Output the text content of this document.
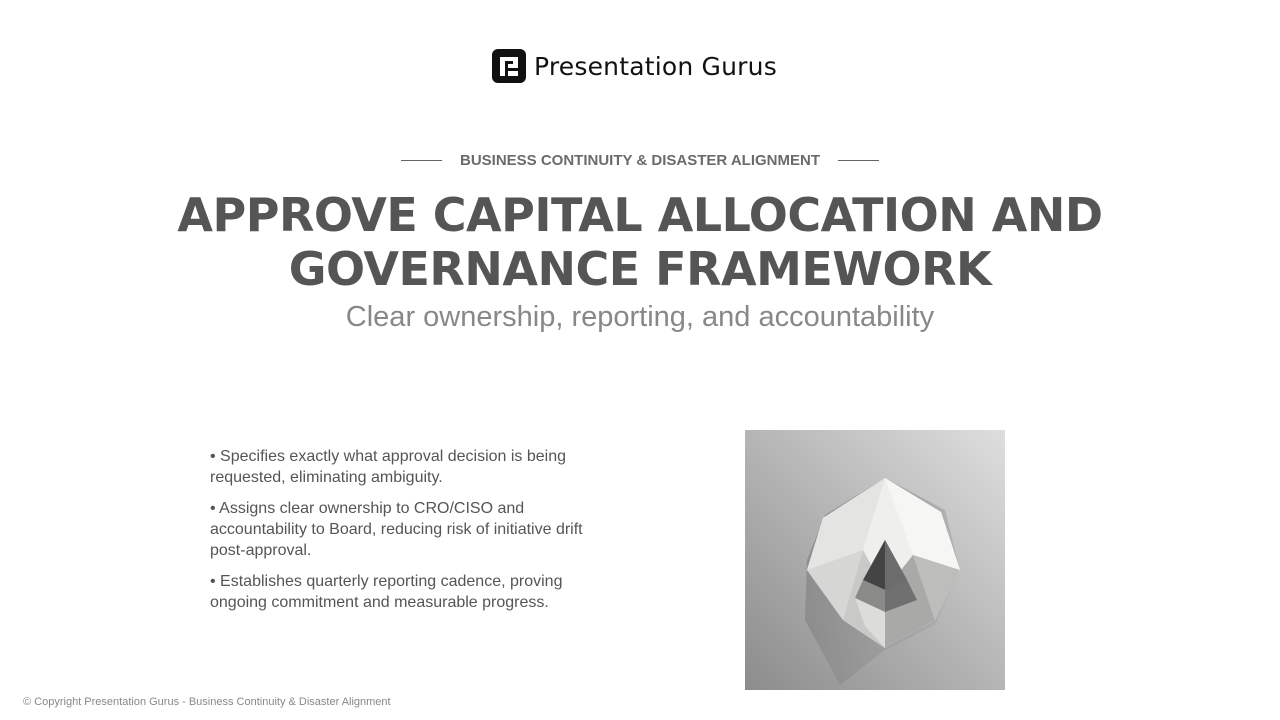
Presentation Gurus
BUSINESS CONTINUITY & DISASTER ALIGNMENT
APPROVE CAPITAL ALLOCATION AND
GOVERNANCE FRAMEWORK
Clear ownership, reporting, and accountability
• Specifies exactly what approval decision is being requested, eliminating ambiguity.
• Assigns clear ownership to CRO/CISO and accountability to Board, reducing risk of initiative drift post-approval.
• Establishes quarterly reporting cadence, proving ongoing commitment and measurable progress.
© Copyright Presentation Gurus - Business Continuity & Disaster Alignment
